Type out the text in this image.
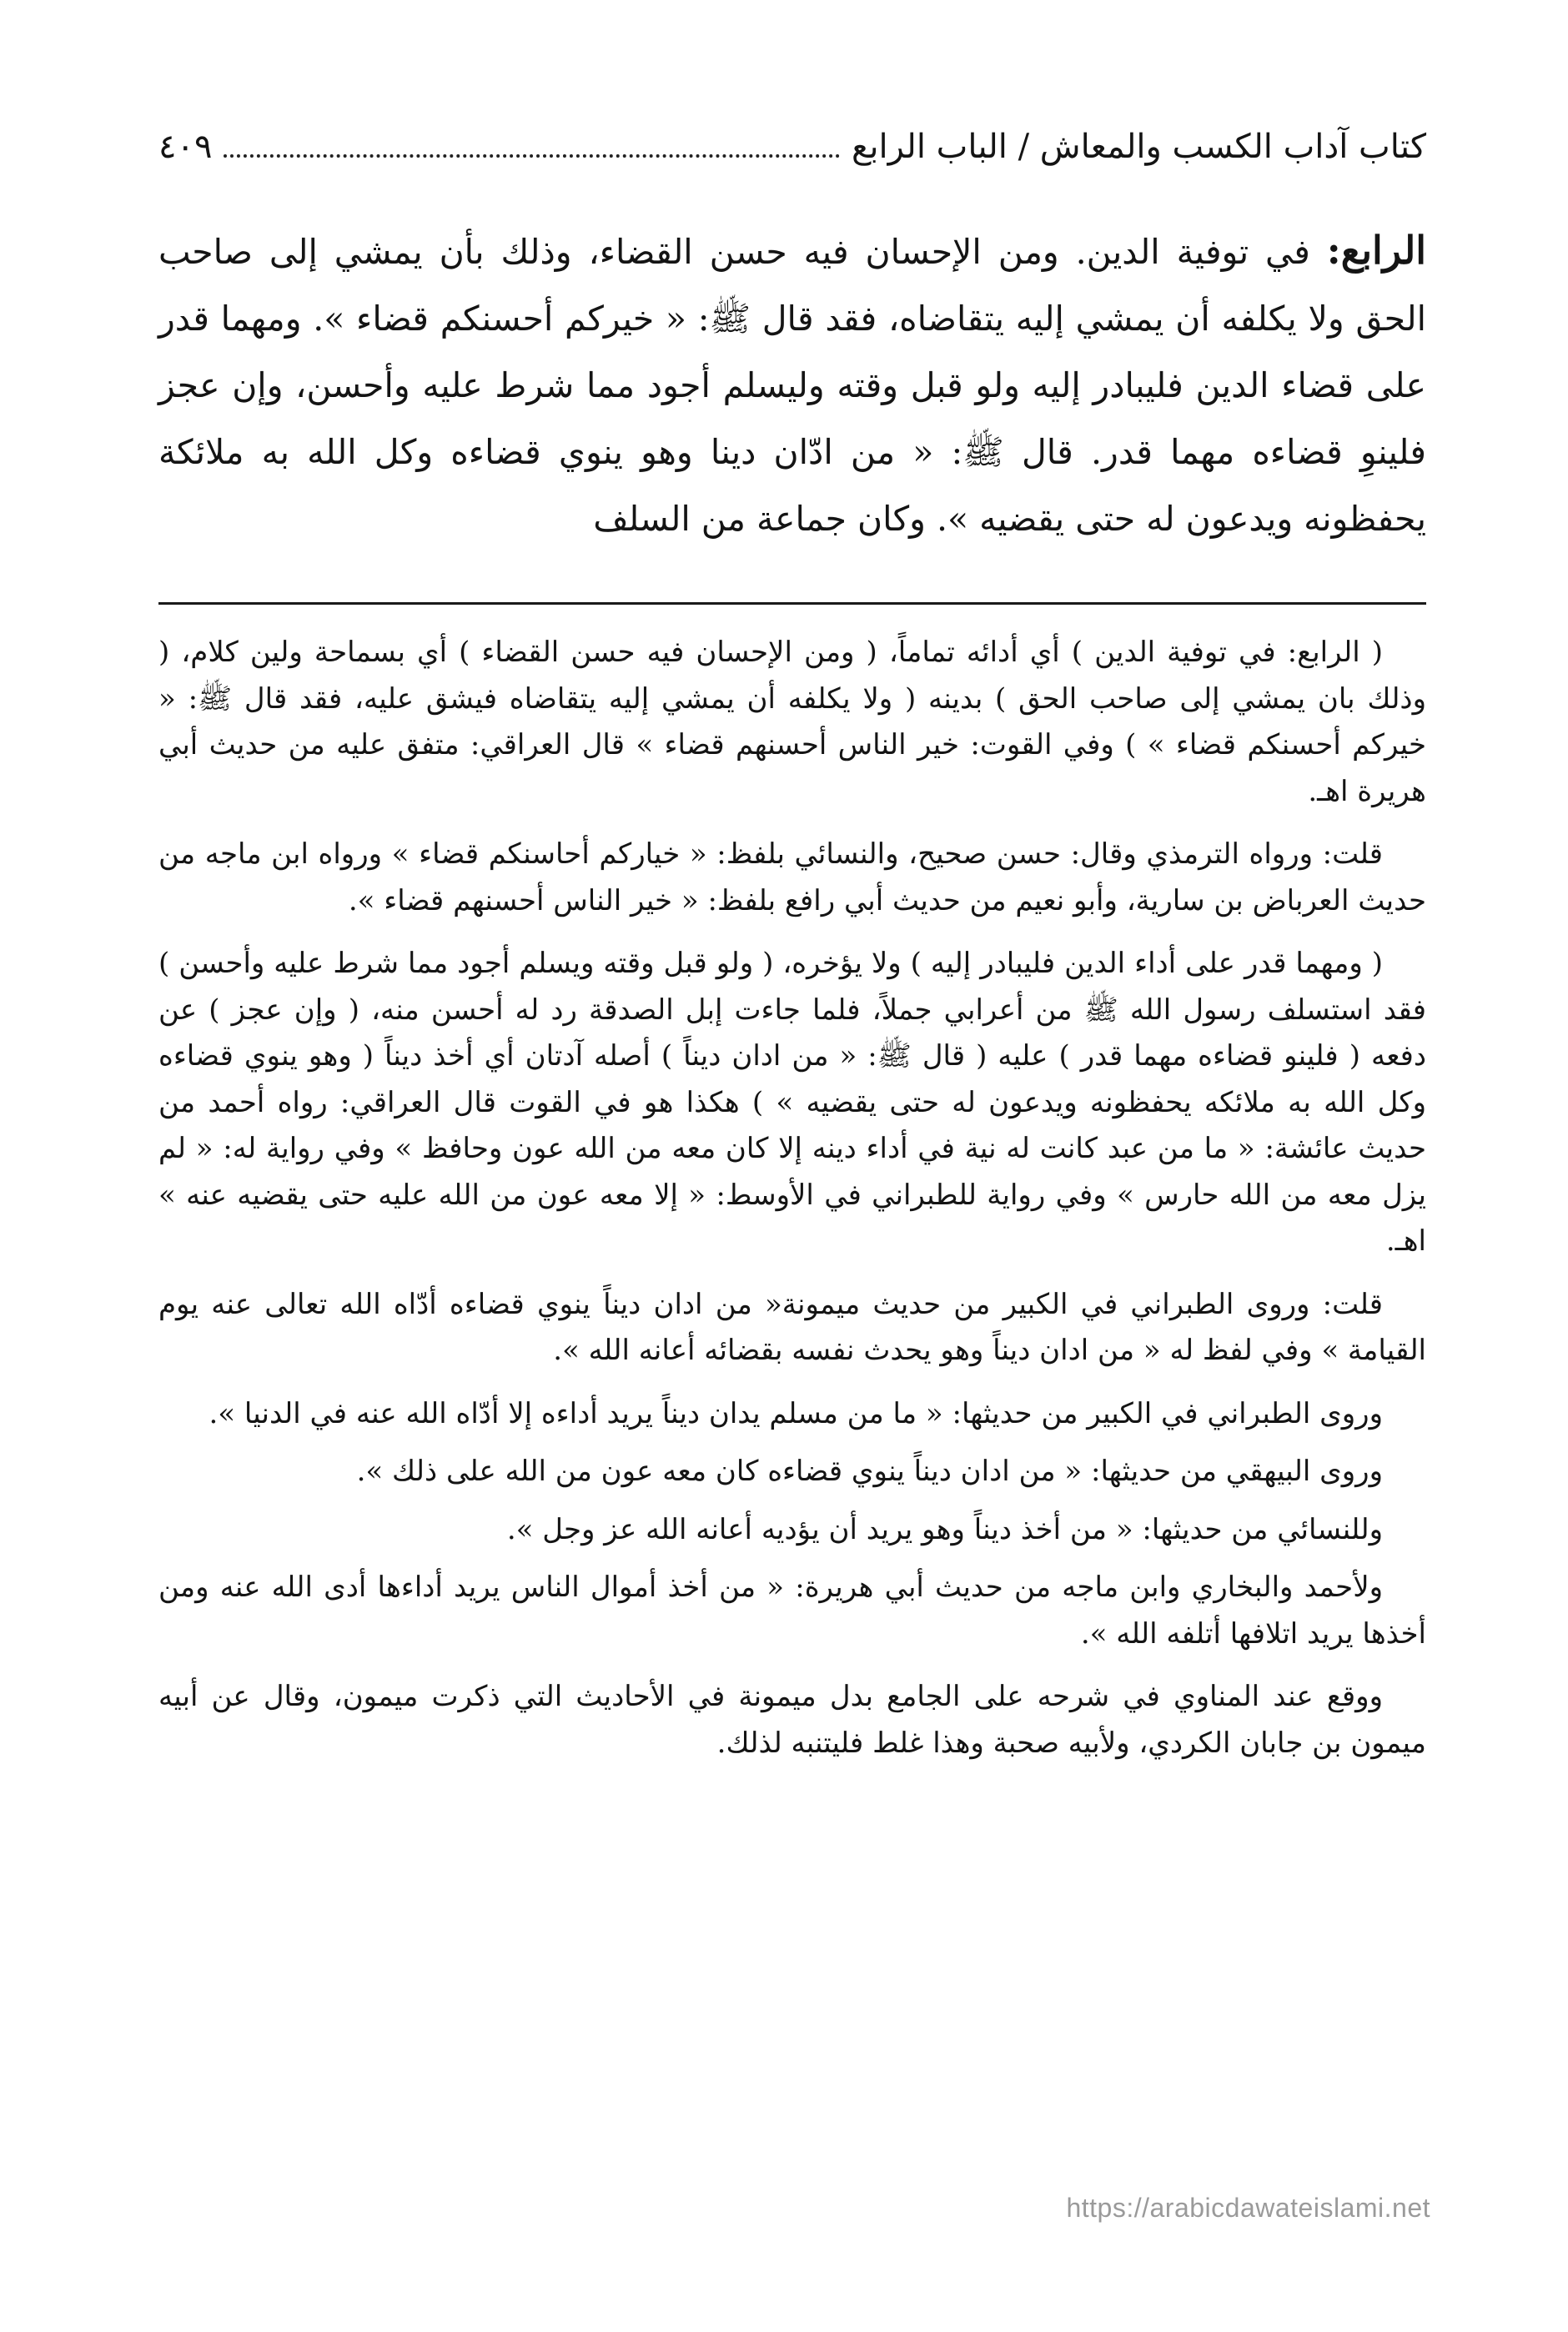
كتاب آداب الكسب والمعاش / الباب الرابع
٤٠٩

الرابع: في توفية الدين. ومن الإحسان فيه حسن القضاء، وذلك بأن يمشي إلى صاحب الحق ولا يكلفه أن يمشي إليه يتقاضاه، فقد قال ﷺ: « خيركم أحسنكم قضاء ». ومهما قدر على قضاء الدين فليبادر إليه ولو قبل وقته وليسلم أجود مما شرط عليه وأحسن، وإن عجز فلينوِ قضاءه مهما قدر. قال ﷺ: « من ادّان دينا وهو ينوي قضاءه وكل الله به ملائكة يحفظونه ويدعون له حتى يقضيه ». وكان جماعة من السلف

( الرابع: في توفية الدين ) أي أدائه تماماً، ( ومن الإحسان فيه حسن القضاء ) أي بسماحة ولين كلام، ( وذلك بان يمشي إلى صاحب الحق ) بدينه ( ولا يكلفه أن يمشي إليه يتقاضاه فيشق عليه، فقد قال ﷺ: « خيركم أحسنكم قضاء » ) وفي القوت: خير الناس أحسنهم قضاء » قال العراقي: متفق عليه من حديث أبي هريرة اهـ.

قلت: ورواه الترمذي وقال: حسن صحيح، والنسائي بلفظ: « خياركم أحاسنكم قضاء » ورواه ابن ماجه من حديث العرباض بن سارية، وأبو نعيم من حديث أبي رافع بلفظ: « خير الناس أحسنهم قضاء ».

( ومهما قدر على أداء الدين فليبادر إليه ) ولا يؤخره، ( ولو قبل وقته ويسلم أجود مما شرط عليه وأحسن ) فقد استسلف رسول الله ﷺ من أعرابي جملاً، فلما جاءت إبل الصدقة رد له أحسن منه، ( وإن عجز ) عن دفعه ( فلينو قضاءه مهما قدر ) عليه ( قال ﷺ: « من ادان ديناً ) أصله آدتان أي أخذ ديناً ( وهو ينوي قضاءه وكل الله به ملائكه يحفظونه ويدعون له حتى يقضيه » ) هكذا هو في القوت قال العراقي: رواه أحمد من حديث عائشة: « ما من عبد كانت له نية في أداء دينه إلا كان معه من الله عون وحافظ » وفي رواية له: « لم يزل معه من الله حارس » وفي رواية للطبراني في الأوسط: « إلا معه عون من الله عليه حتى يقضيه عنه » اهـ.

قلت: وروى الطبراني في الكبير من حديث ميمونة« من ادان ديناً ينوي قضاءه أدّاه الله تعالى عنه يوم القيامة » وفي لفظ له « من ادان ديناً وهو يحدث نفسه بقضائه أعانه الله ».

وروى الطبراني في الكبير من حديثها: « ما من مسلم يدان ديناً يريد أداءه إلا أدّاه الله عنه في الدنيا ».

وروى البيهقي من حديثها: « من ادان ديناً ينوي قضاءه كان معه عون من الله على ذلك ».

وللنسائي من حديثها: « من أخذ ديناً وهو يريد أن يؤديه أعانه الله عز وجل ».

ولأحمد والبخاري وابن ماجه من حديث أبي هريرة: « من أخذ أموال الناس يريد أداءها أدى الله عنه ومن أخذها يريد اتلافها أتلفه الله ».

ووقع عند المناوي في شرحه على الجامع بدل ميمونة في الأحاديث التي ذكرت ميمون، وقال عن أبيه ميمون بن جابان الكردي، ولأبيه صحبة وهذا غلط فليتنبه لذلك.

https://arabicdawateislami.net
